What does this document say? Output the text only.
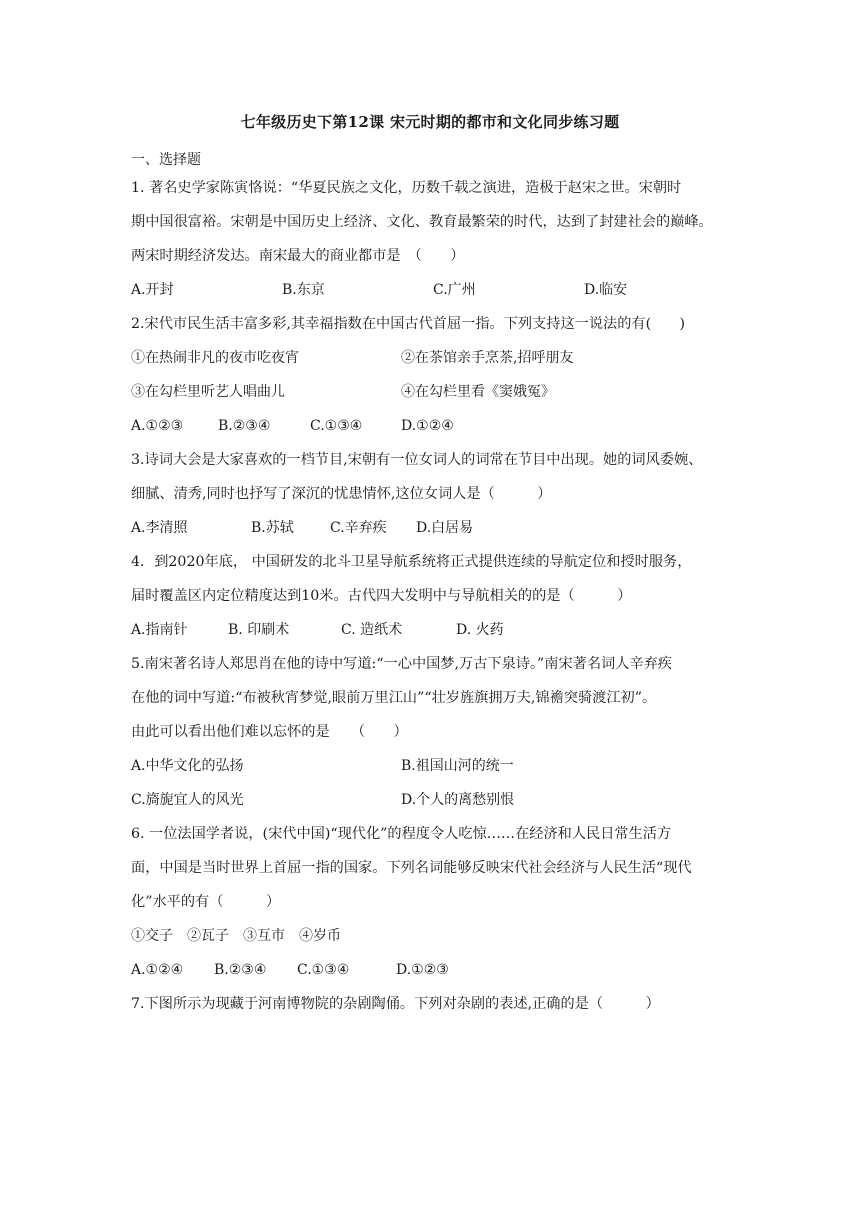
七年级历史下第12课 宋元时期的都市和文化同步练习题
一、选择题
1. 著名史学家陈寅恪说：“华夏民族之文化，历数千载之演进，造极于赵宋之世。宋朝时
期中国很富裕。宋朝是中国历史上经济、文化、教育最繁荣的时代，达到了封建社会的巅峰。
两宋时期经济发达。南宋最大的商业都市是　（　　）
A.开封	B.东京	C.广州	D.临安
2.宋代市民生活丰富多彩,其幸福指数在中国古代首屈一指。下列支持这一说法的有(　　)
①在热闹非凡的夜市吃夜宵	②在茶馆亲手烹茶,招呼朋友
③在勾栏里听艺人唱曲儿	④在勾栏里看《窦娥冤》
A.①②③ B.②③④	C.①③④	D.①②④
3.诗词大会是大家喜欢的一档节目,宋朝有一位女词人的词常在节目中出现。她的词风委婉、
细腻、清秀,同时也抒写了深沉的忧患情怀,这位女词人是（　　　）
A.李清照	B.苏轼	C.辛弃疾 D.白居易
4．到2020年底， 中国研发的北斗卫星导航系统将正式提供连续的导航定位和授时服务，
届时覆盖区内定位精度达到10米。古代四大发明中与导航相关的的是（　　　）
A.指南针	B. 印刷术	C. 造纸术	D. 火药
5.南宋著名诗人郑思肖在他的诗中写道:“一心中国梦,万古下泉诗。”南宋著名词人辛弃疾
在他的词中写道:“布被秋宵梦觉,眼前万里江山”“壮岁旌旗拥万夫,锦襜突骑渡江初”。
由此可以看出他们难以忘怀的是　　（　　）
A.中华文化的弘扬	B.祖国山河的统一
C.旖旎宜人的风光	D.个人的离愁别恨
6. 一位法国学者说，(宋代中国)“现代化”的程度令人吃惊……在经济和人民日常生活方
面，中国是当时世界上首屈一指的国家。下列名词能够反映宋代社会经济与人民生活“现代
化”水平的有（　　　）
①交子　②瓦子　③互市　④岁币
A.①②④ B.②③④ C.①③④	D.①②③
7.下图所示为现藏于河南博物院的杂剧陶俑。下列对杂剧的表述,正确的是（　　　）
